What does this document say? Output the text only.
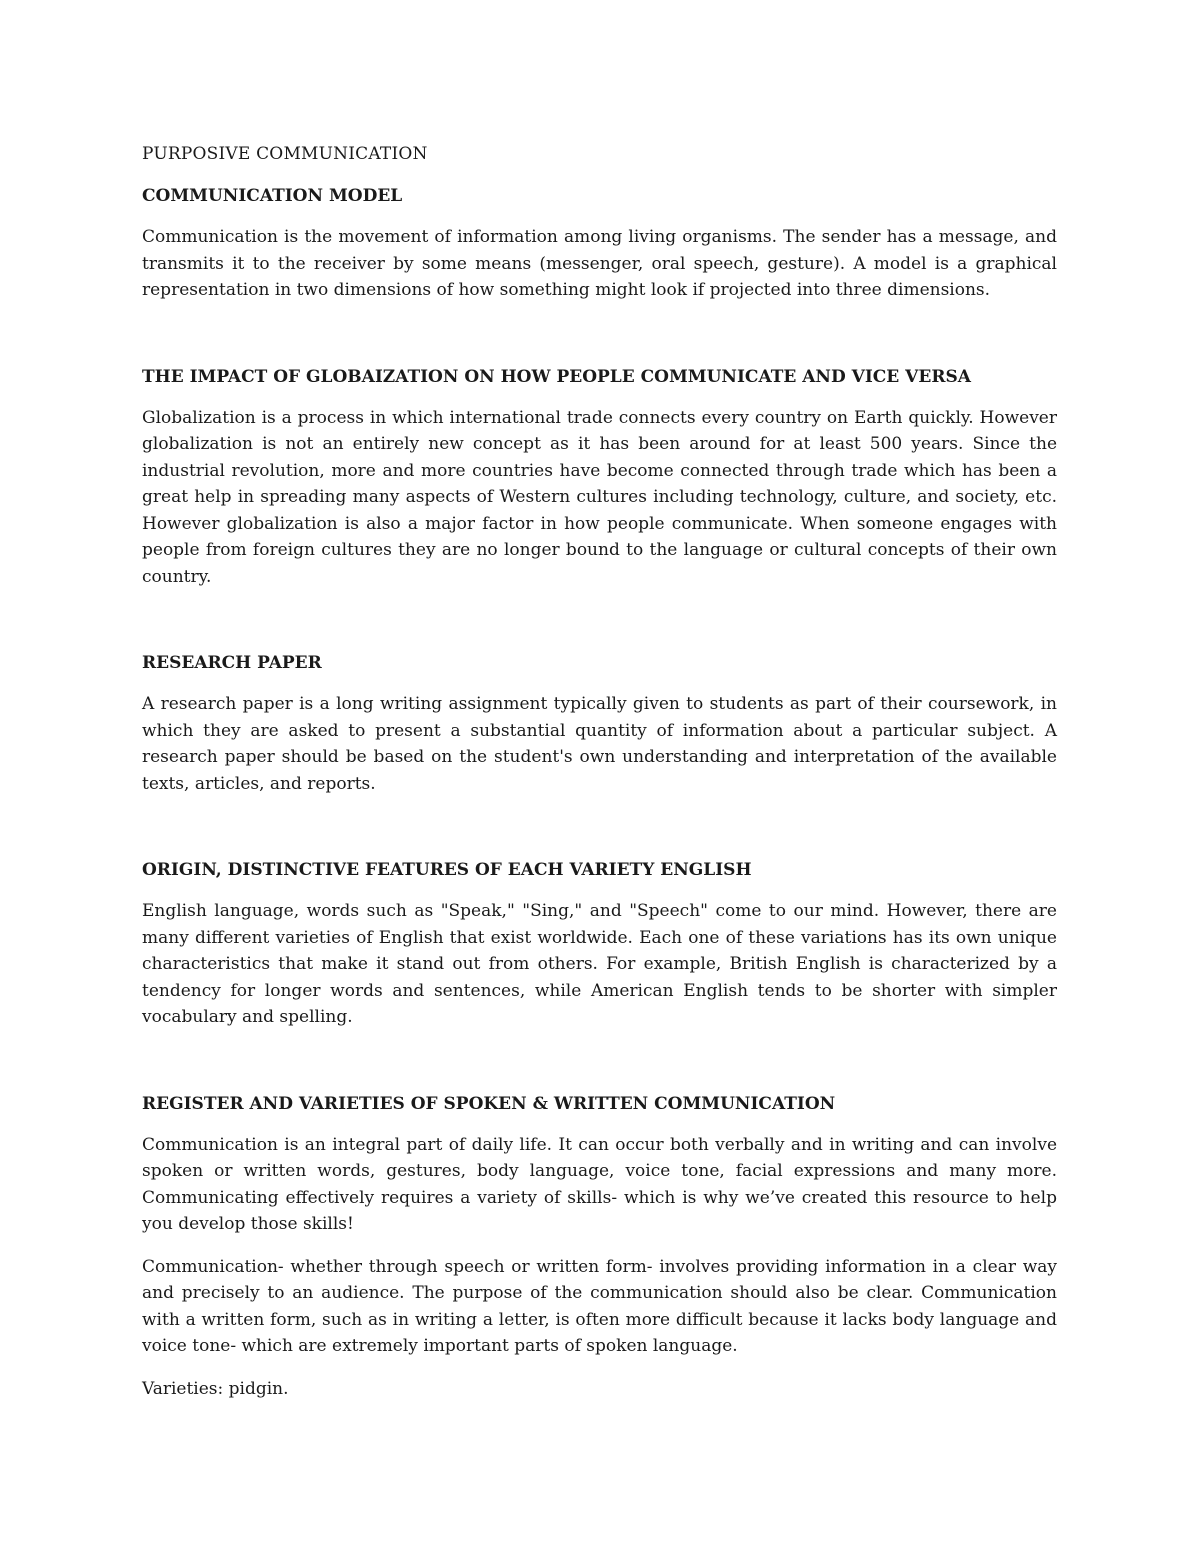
PURPOSIVE COMMUNICATION

COMMUNICATION MODEL

Communication is the movement of information among living organisms. The sender has a message, and transmits it to the receiver by some means (messenger, oral speech, gesture). A model is a graphical representation in two dimensions of how something might look if projected into three dimensions.

THE IMPACT OF GLOBAIZATION ON HOW PEOPLE COMMUNICATE AND VICE VERSA

Globalization is a process in which international trade connects every country on Earth quickly. However globalization is not an entirely new concept as it has been around for at least 500 years. Since the industrial revolution, more and more countries have become connected through trade which has been a great help in spreading many aspects of Western cultures including technology, culture, and society, etc. However globalization is also a major factor in how people communicate. When someone engages with people from foreign cultures they are no longer bound to the language or cultural concepts of their own country.

RESEARCH PAPER

A research paper is a long writing assignment typically given to students as part of their coursework, in which they are asked to present a substantial quantity of information about a particular subject. A research paper should be based on the student's own understanding and interpretation of the available texts, articles, and reports.

ORIGIN, DISTINCTIVE FEATURES OF EACH VARIETY ENGLISH

English language, words such as "Speak," "Sing," and "Speech" come to our mind. However, there are many different varieties of English that exist worldwide. Each one of these variations has its own unique characteristics that make it stand out from others. For example, British English is characterized by a tendency for longer words and sentences, while American English tends to be shorter with simpler vocabulary and spelling.

REGISTER AND VARIETIES OF SPOKEN & WRITTEN COMMUNICATION

Communication is an integral part of daily life. It can occur both verbally and in writing and can involve spoken or written words, gestures, body language, voice tone, facial expressions and many more. Communicating effectively requires a variety of skills- which is why we’ve created this resource to help you develop those skills!

Communication- whether through speech or written form- involves providing information in a clear way and precisely to an audience. The purpose of the communication should also be clear. Communication with a written form, such as in writing a letter, is often more difficult because it lacks body language and voice tone- which are extremely important parts of spoken language.

Varieties: pidgin.
